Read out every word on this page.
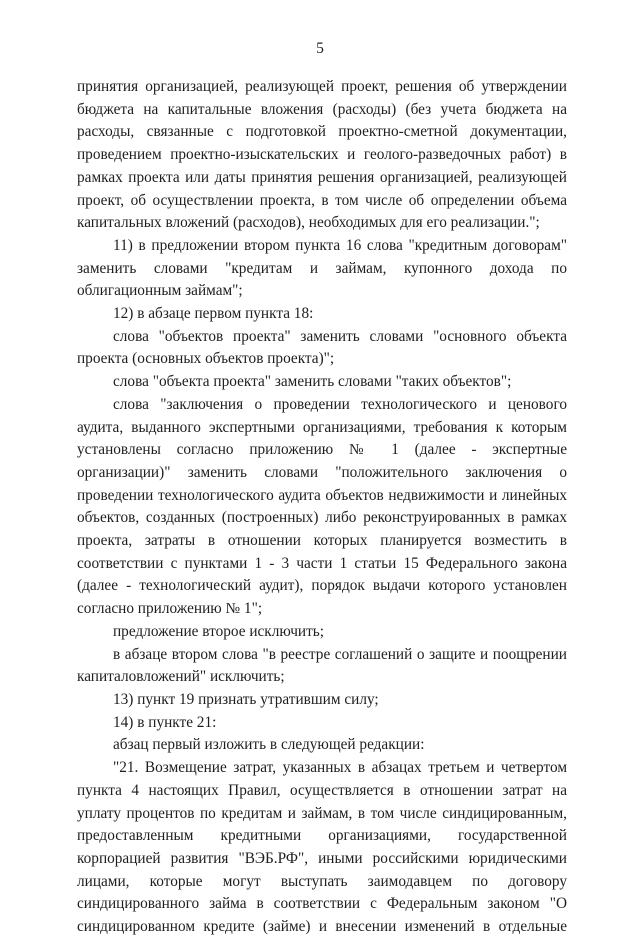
5

принятия организацией, реализующей проект, решения об утверждении бюджета на капитальные вложения (расходы) (без учета бюджета на расходы, связанные с подготовкой проектно-сметной документации, проведением проектно-изыскательских и геолого-разведочных работ) в рамках проекта или даты принятия решения организацией, реализующей проект, об осуществлении проекта, в том числе об определении объема капитальных вложений (расходов), необходимых для его реализации.";

11) в предложении втором пункта 16 слова "кредитным договорам" заменить словами "кредитам и займам, купонного дохода по облигационным займам";

12) в абзаце первом пункта 18:

слова "объектов проекта" заменить словами "основного объекта проекта (основных объектов проекта)";

слова "объекта проекта" заменить словами "таких объектов";

слова "заключения о проведении технологического и ценового аудита, выданного экспертными организациями, требования к которым установлены согласно приложению № 1 (далее - экспертные организации)" заменить словами "положительного заключения о проведении технологического аудита объектов недвижимости и линейных объектов, созданных (построенных) либо реконструированных в рамках проекта, затраты в отношении которых планируется возместить в соответствии с пунктами 1 - 3 части 1 статьи 15 Федерального закона (далее - технологический аудит), порядок выдачи которого установлен согласно приложению № 1";

предложение второе исключить;

в абзаце втором слова "в реестре соглашений о защите и поощрении капиталовложений" исключить;

13) пункт 19 признать утратившим силу;

14) в пункте 21:

абзац первый изложить в следующей редакции:

"21. Возмещение затрат, указанных в абзацах третьем и четвертом пункта 4 настоящих Правил, осуществляется в отношении затрат на уплату процентов по кредитам и займам, в том числе синдицированным, предоставленным кредитными организациями, государственной корпорацией развития "ВЭБ.РФ", иными российскими юридическими лицами, которые могут выступать заимодавцем по договору синдицированного займа в соответствии с Федеральным законом "О синдицированном кредите (займе) и внесении изменений в отдельные
